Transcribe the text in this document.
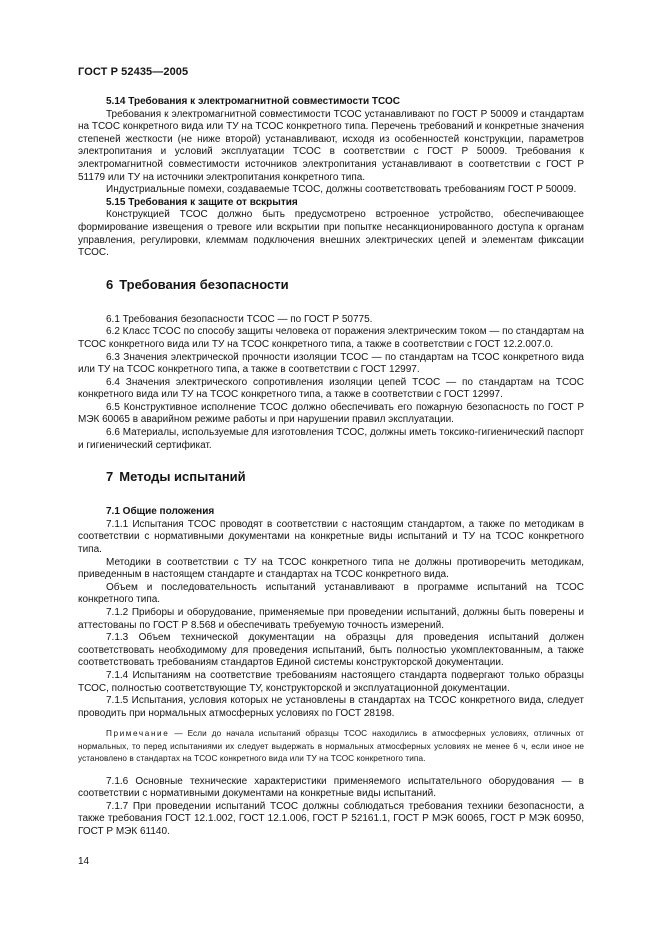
ГОСТ Р 52435—2005

5.14 Требования к электромагнитной совместимости ТСОС

Требования к электромагнитной совместимости ТСОС устанавливают по ГОСТ Р 50009 и стандартам на ТСОС конкретного вида или ТУ на ТСОС конкретного типа. Перечень требований и конкретные значения степеней жесткости (не ниже второй) устанавливают, исходя из особенностей конструкции, параметров электропитания и условий эксплуатации ТСОС в соответствии с ГОСТ Р 50009. Требования к электромагнитной совместимости источников электропитания устанавливают в соответствии с ГОСТ Р 51179 или ТУ на источники электропитания конкретного типа.

Индустриальные помехи, создаваемые ТСОС, должны соответствовать требованиям ГОСТ Р 50009.

5.15 Требования к защите от вскрытия

Конструкцией ТСОС должно быть предусмотрено встроенное устройство, обеспечивающее формирование извещения о тревоге или вскрытии при попытке несанкционированного доступа к органам управления, регулировки, клеммам подключения внешних электрических цепей и элементам фиксации ТСОС.

6 Требования безопасности

6.1 Требования безопасности ТСОС — по ГОСТ Р 50775.

6.2 Класс ТСОС по способу защиты человека от поражения электрическим током — по стандартам на ТСОС конкретного вида или ТУ на ТСОС конкретного типа, а также в соответствии с ГОСТ 12.2.007.0.

6.3 Значения электрической прочности изоляции ТСОС — по стандартам на ТСОС конкретного вида или ТУ на ТСОС конкретного типа, а также в соответствии с ГОСТ 12997.

6.4 Значения электрического сопротивления изоляции цепей ТСОС — по стандартам на ТСОС конкретного вида или ТУ на ТСОС конкретного типа, а также в соответствии с ГОСТ 12997.

6.5 Конструктивное исполнение ТСОС должно обеспечивать его пожарную безопасность по ГОСТ Р МЭК 60065 в аварийном режиме работы и при нарушении правил эксплуатации.

6.6 Материалы, используемые для изготовления ТСОС, должны иметь токсико-гигиенический паспорт и гигиенический сертификат.

7 Методы испытаний

7.1 Общие положения

7.1.1 Испытания ТСОС проводят в соответствии с настоящим стандартом, а также по методикам в соответствии с нормативными документами на конкретные виды испытаний и ТУ на ТСОС конкретного типа.

Методики в соответствии с ТУ на ТСОС конкретного типа не должны противоречить методикам, приведенным в настоящем стандарте и стандартах на ТСОС конкретного вида.

Объем и последовательность испытаний устанавливают в программе испытаний на ТСОС конкретного типа.

7.1.2 Приборы и оборудование, применяемые при проведении испытаний, должны быть поверены и аттестованы по ГОСТ Р 8.568 и обеспечивать требуемую точность измерений.

7.1.3 Объем технической документации на образцы для проведения испытаний должен соответствовать необходимому для проведения испытаний, быть полностью укомплектованным, а также соответствовать требованиям стандартов Единой системы конструкторской документации.

7.1.4 Испытаниям на соответствие требованиям настоящего стандарта подвергают только образцы ТСОС, полностью соответствующие ТУ, конструкторской и эксплуатационной документации.

7.1.5 Испытания, условия которых не установлены в стандартах на ТСОС конкретного вида, следует проводить при нормальных атмосферных условиях по ГОСТ 28198.

Примечание — Если до начала испытаний образцы ТСОС находились в атмосферных условиях, отличных от нормальных, то перед испытаниями их следует выдержать в нормальных атмосферных условиях не менее 6 ч, если иное не установлено в стандартах на ТСОС конкретного вида или ТУ на ТСОС конкретного типа.

7.1.6 Основные технические характеристики применяемого испытательного оборудования — в соответствии с нормативными документами на конкретные виды испытаний.

7.1.7 При проведении испытаний ТСОС должны соблюдаться требования техники безопасности, а также требования ГОСТ 12.1.002, ГОСТ 12.1.006, ГОСТ Р 52161.1, ГОСТ Р МЭК 60065, ГОСТ Р МЭК 60950, ГОСТ Р МЭК 61140.

14
